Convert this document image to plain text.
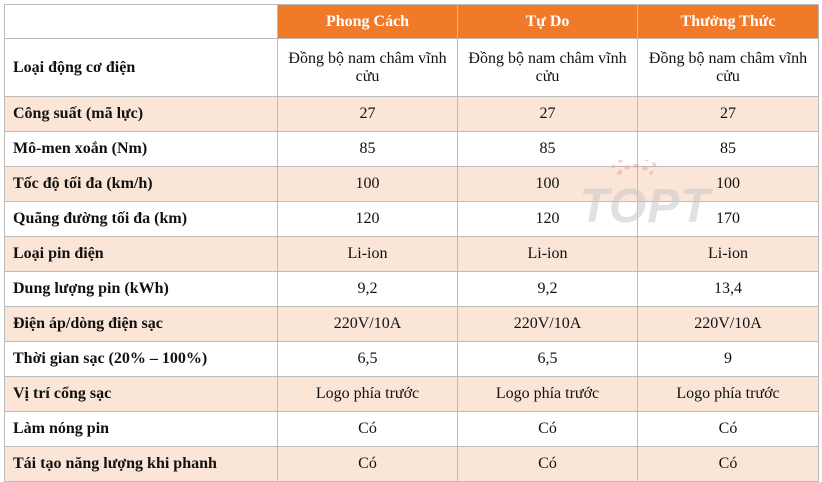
	Phong Cách	Tự Do	Thưởng Thức
Loại động cơ điện	Đồng bộ nam châm vĩnh cửu	Đồng bộ nam châm vĩnh cửu	Đồng bộ nam châm vĩnh cửu
Công suất (mã lực)	27	27	27
Mô-men xoắn (Nm)	85	85	85
Tốc độ tối đa (km/h)	100	100	100
Quãng đường tối đa (km)	120	120	170
Loại pin điện	Li-ion	Li-ion	Li-ion
Dung lượng pin (kWh)	9,2	9,2	13,4
Điện áp/dòng điện sạc	220V/10A	220V/10A	220V/10A
Thời gian sạc (20% – 100%)	6,5	6,5	9
Vị trí cổng sạc	Logo phía trước	Logo phía trước	Logo phía trước
Làm nóng pin	Có	Có	Có
Tái tạo năng lượng khi phanh	Có	Có	Có
TOPT
